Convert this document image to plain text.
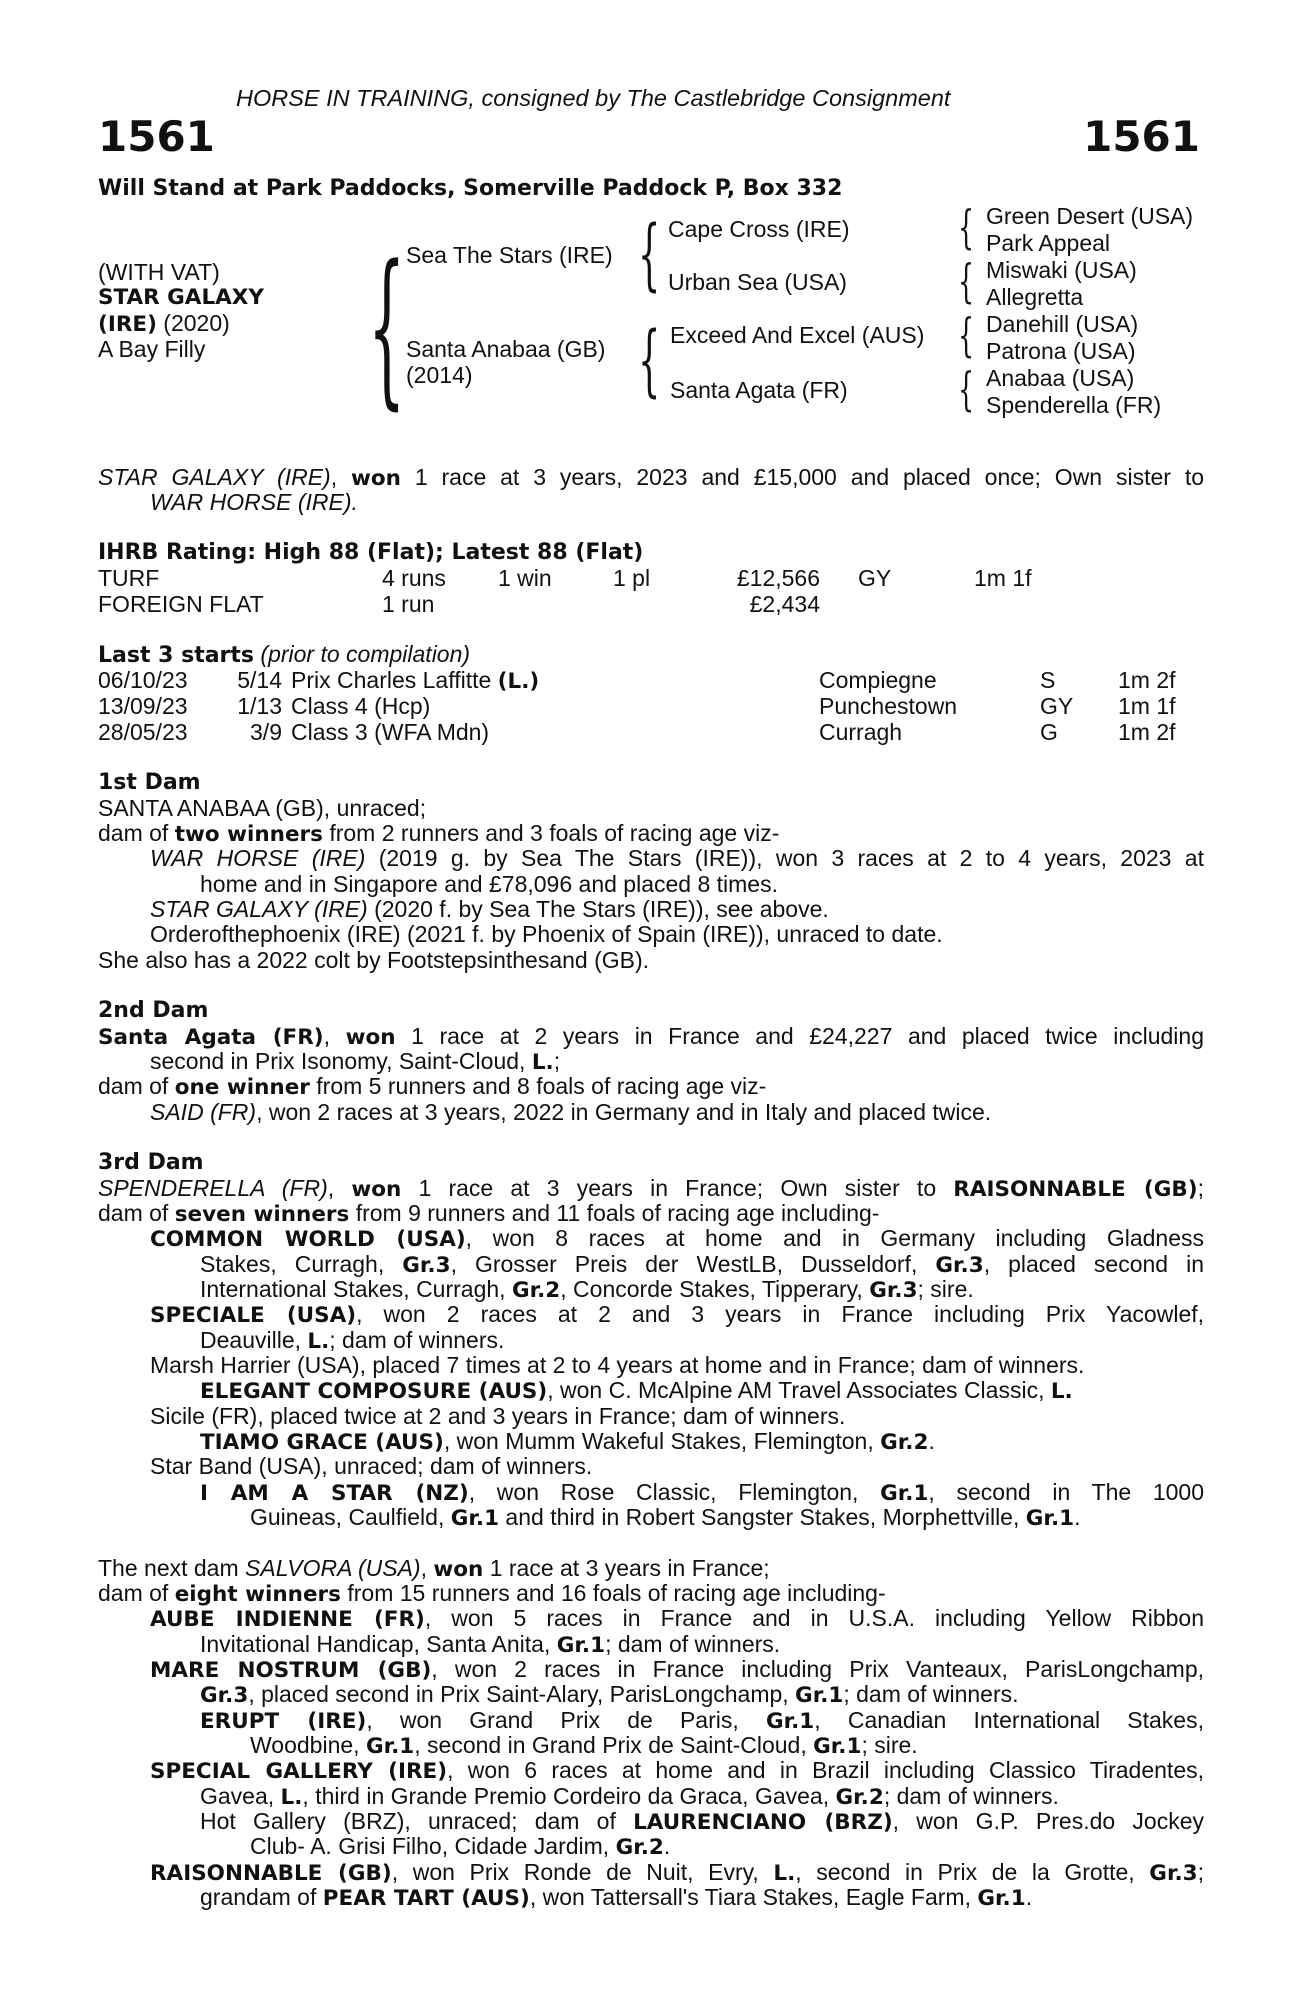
HORSE IN TRAINING, consigned by The Castlebridge Consignment
1561	1561
Will Stand at Park Paddocks, Somerville Paddock P, Box 332
(WITH VAT)
STAR GALAXY
(IRE) (2020)
A Bay Filly { Sea The Stars (IRE)
Santa Anabaa (GB)
(2014)
{ Cape Cross (IRE)
Urban Sea (USA)
{ Exceed And Excel (AUS)
Santa Agata (FR)
{ Green Desert (USA)
Park Appeal
{ Miswaki (USA)
Allegretta
{ Danehill (USA)
Patrona (USA)
{ Anabaa (USA)
Spenderella (FR)
STAR GALAXY (IRE), won 1 race at 3 years, 2023 and £15,000 and placed once; Own sister to
WAR HORSE (IRE).
IHRB Rating: High 88 (Flat); Latest 88 (Flat)
TURF	4 runs 1 win	1 pl	£12,566 GY	1m 1f
FOREIGN FLAT	1 run	£2,434
Last 3 starts (prior to compilation)
06/10/23 5/14 Prix Charles Laffitte (L.)	Compiegne	S	1m 2f
13/09/23 1/13 Class 4 (Hcp)	Punchestown	GY 1m 1f
28/05/23	3/9 Class 3 (WFA Mdn)	Curragh	G	1m 2f
1st Dam
SANTA ANABAA (GB), unraced;
dam of two winners from 2 runners and 3 foals of racing age viz-
WAR HORSE (IRE) (2019 g. by Sea The Stars (IRE)), won 3 races at 2 to 4 years, 2023 at
home and in Singapore and £78,096 and placed 8 times.
STAR GALAXY (IRE) (2020 f. by Sea The Stars (IRE)), see above.
Orderofthephoenix (IRE) (2021 f. by Phoenix of Spain (IRE)), unraced to date.
She also has a 2022 colt by Footstepsinthesand (GB).
2nd Dam
Santa Agata (FR), won 1 race at 2 years in France and £24,227 and placed twice including
second in Prix Isonomy, Saint-Cloud, L.;
dam of one winner from 5 runners and 8 foals of racing age viz-
SAID (FR), won 2 races at 3 years, 2022 in Germany and in Italy and placed twice.
3rd Dam
SPENDERELLA (FR), won 1 race at 3 years in France; Own sister to RAISONNABLE (GB);
dam of seven winners from 9 runners and 11 foals of racing age including-
COMMON WORLD (USA), won 8 races at home and in Germany including Gladness
Stakes, Curragh, Gr.3, Grosser Preis der WestLB, Dusseldorf, Gr.3, placed second in
International Stakes, Curragh, Gr.2, Concorde Stakes, Tipperary, Gr.3; sire.
SPECIALE (USA), won 2 races at 2 and 3 years in France including Prix Yacowlef,
Deauville, L.; dam of winners.
Marsh Harrier (USA), placed 7 times at 2 to 4 years at home and in France; dam of winners.
ELEGANT COMPOSURE (AUS), won C. McAlpine AM Travel Associates Classic, L.
Sicile (FR), placed twice at 2 and 3 years in France; dam of winners.
TIAMO GRACE (AUS), won Mumm Wakeful Stakes, Flemington, Gr.2.
Star Band (USA), unraced; dam of winners.
I AM A STAR (NZ), won Rose Classic, Flemington, Gr.1, second in The 1000
Guineas, Caulfield, Gr.1 and third in Robert Sangster Stakes, Morphettville, Gr.1.
The next dam SALVORA (USA), won 1 race at 3 years in France;
dam of eight winners from 15 runners and 16 foals of racing age including-
AUBE INDIENNE (FR), won 5 races in France and in U.S.A. including Yellow Ribbon
Invitational Handicap, Santa Anita, Gr.1; dam of winners.
MARE NOSTRUM (GB), won 2 races in France including Prix Vanteaux, ParisLongchamp,
Gr.3, placed second in Prix Saint-Alary, ParisLongchamp, Gr.1; dam of winners.
ERUPT (IRE), won Grand Prix de Paris, Gr.1, Canadian International Stakes,
Woodbine, Gr.1, second in Grand Prix de Saint-Cloud, Gr.1; sire.
SPECIAL GALLERY (IRE), won 6 races at home and in Brazil including Classico Tiradentes,
Gavea, L., third in Grande Premio Cordeiro da Graca, Gavea, Gr.2; dam of winners.
Hot Gallery (BRZ), unraced; dam of LAURENCIANO (BRZ), won G.P. Pres.do Jockey
Club- A. Grisi Filho, Cidade Jardim, Gr.2.
RAISONNABLE (GB), won Prix Ronde de Nuit, Evry, L., second in Prix de la Grotte, Gr.3;
grandam of PEAR TART (AUS), won Tattersall's Tiara Stakes, Eagle Farm, Gr.1.
